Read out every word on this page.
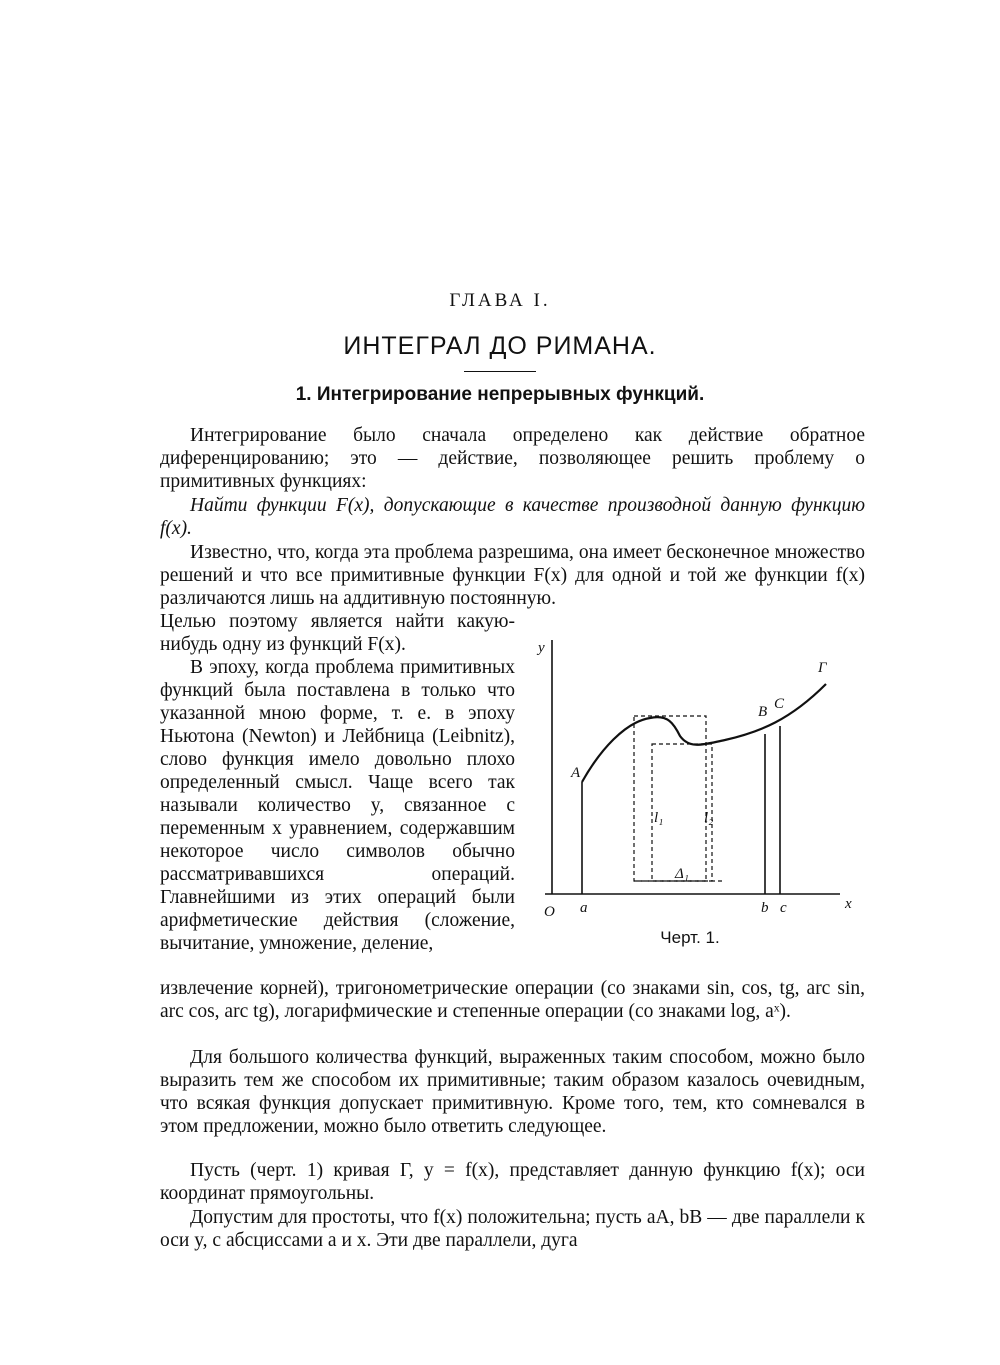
ГЛАВА I.
ИНТЕГРАЛ ДО РИМАНА.
1. Интегрирование непрерывных функций.

Интегрирование было сначала определено как действие обратное диференцированию; это — действие, позволяющее решить проблему о примитивных функциях:

Найти функции F(x), допускающие в качестве производной данную функцию f(x).

Известно, что, когда эта проблема разрешима, она имеет бесконечное множество решений и что все примитивные функции F(x) для одной и той же функции f(x) различаются лишь на аддитивную постоянную.

Целью поэтому является найти какую-нибудь одну из функций F(x).

В эпоху, когда проблема примитивных функций была поставлена в только что указанной мною форме, т. е. в эпоху Ньютона (Newton) и Лейбница (Leibnitz), слово функция имело довольно плохо определенный смысл. Чаще всего так называли количество y, связанное с переменным x уравнением, содержавшим некоторое число символов обычно рассматривавшихся операций. Главнейшими из этих операций были арифметические действия (сложение, вычитание, умножение, деление,

извлечение корней), тригонометрические операции (со знаками sin, cos, tg, arc sin, arc cos, arc tg), логарифмические и степенные операции (со знаками log, aˣ).

Для большого количества функций, выраженных таким способом, можно было выразить тем же способом их примитивные; таким образом казалось очевидным, что всякая функция допускает примитивную. Кроме того, тем, кто сомневался в этом предложении, можно было ответить следующее.

Пусть (черт. 1) кривая Γ, y = f(x), представляет данную функцию f(x); оси координат прямоугольны.

Допустим для простоты, что f(x) положительна; пусть aA, bB — две параллели к оси y, с абсциссами a и x. Эти две параллели, дуга

y
x
O a	b c
A
B C
Γ
l₁	l₂
Δ₁
Черт. 1.
